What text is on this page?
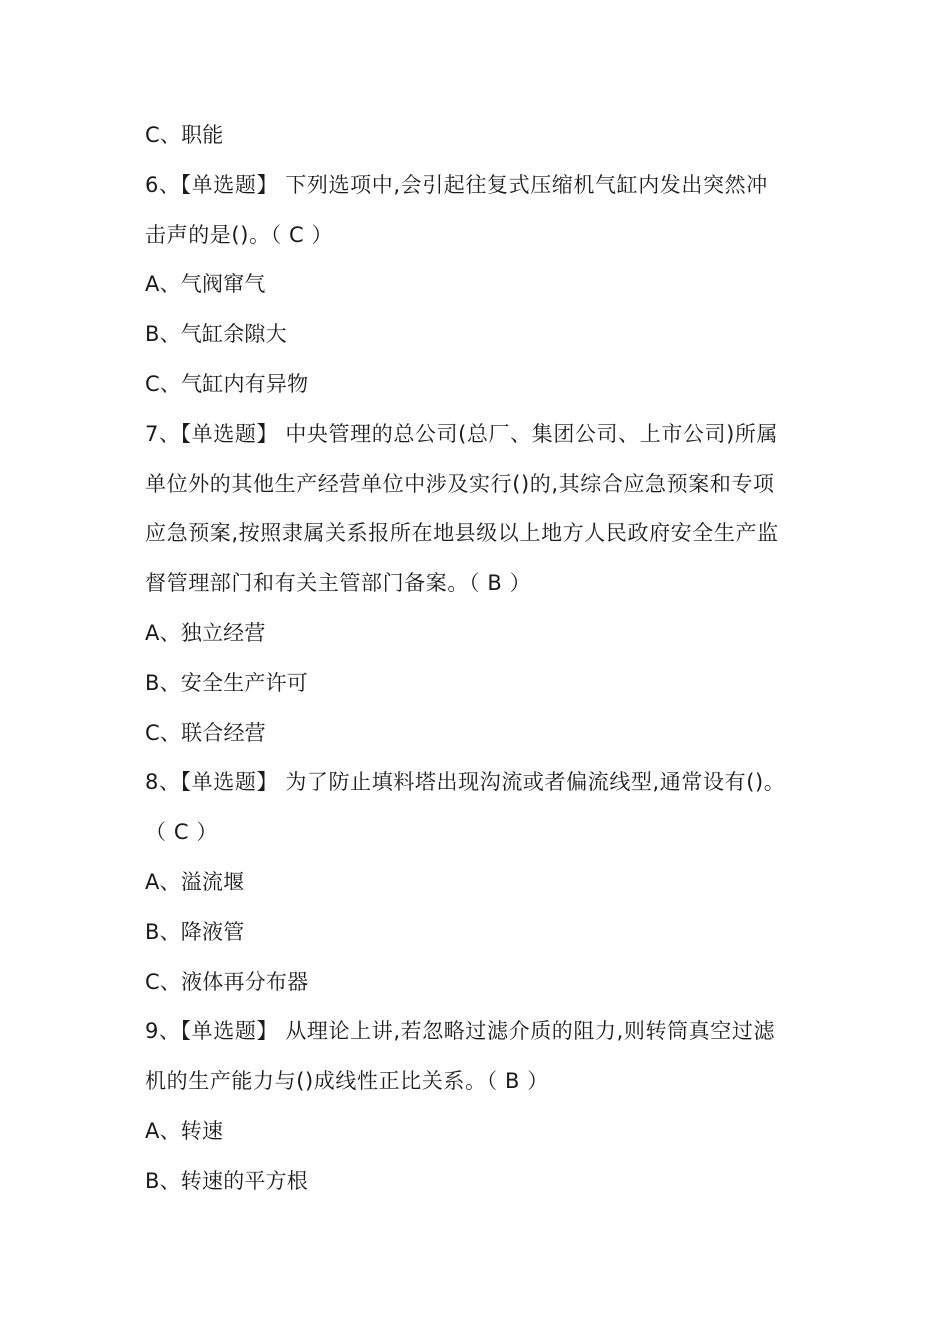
C、职能
6、【单选题】 下列选项中,会引起往复式压缩机气缸内发出突然冲
击声的是()。（ C ）
A、气阀窜气
B、气缸余隙大
C、气缸内有异物
7、【单选题】 中央管理的总公司(总厂、集团公司、上市公司)所属
单位外的其他生产经营单位中涉及实行()的,其综合应急预案和专项
应急预案,按照隶属关系报所在地县级以上地方人民政府安全生产监
督管理部门和有关主管部门备案。（ B ）
A、独立经营
B、安全生产许可
C、联合经营
8、【单选题】 为了防止填料塔出现沟流或者偏流线型,通常设有()。
（ C ）
A、溢流堰
B、降液管
C、液体再分布器
9、【单选题】 从理论上讲,若忽略过滤介质的阻力,则转筒真空过滤
机的生产能力与()成线性正比关系。（ B ）
A、转速
B、转速的平方根
